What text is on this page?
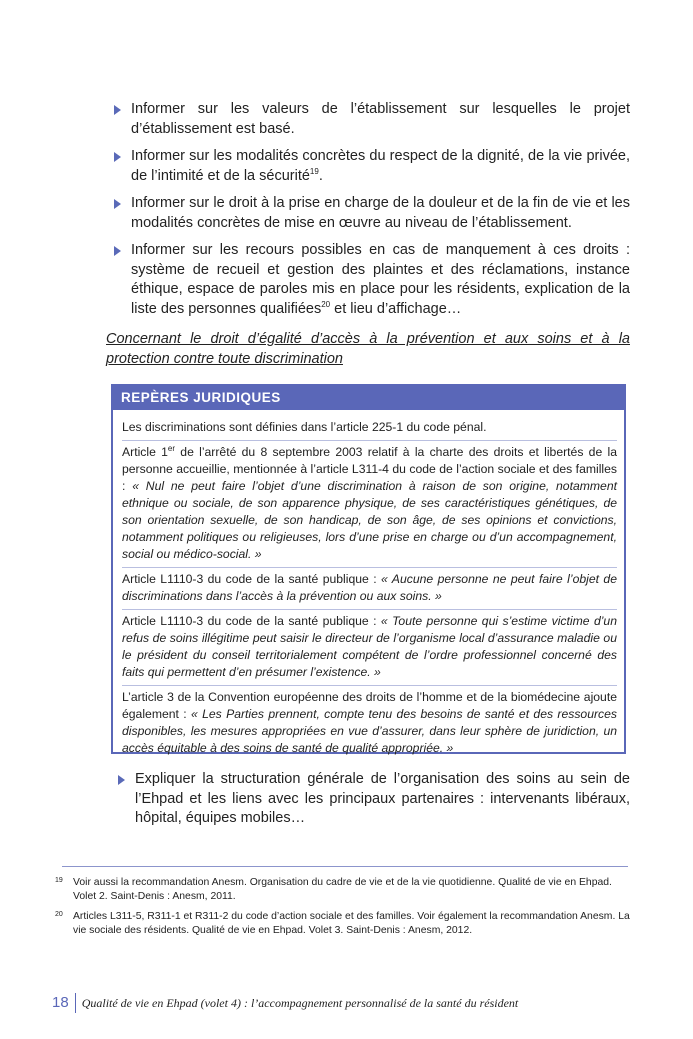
Informer sur les valeurs de l’établissement sur lesquelles le projet d’établissement est basé.
Informer sur les modalités concrètes du respect de la dignité, de la vie privée, de l’intimité et de la sécurité$^{19}$.
Informer sur le droit à la prise en charge de la douleur et de la fin de vie et les modalités concrètes de mise en œuvre au niveau de l’établissement.
Informer sur les recours possibles en cas de manquement à ces droits : système de recueil et gestion des plaintes et des réclamations, instance éthique, espace de paroles mis en place pour les résidents, explication de la liste des personnes qualifiées$^{20}$ et lieu d’affichage…
Concernant le droit d’égalité d’accès à la prévention et aux soins et à la protection contre toute discrimination
REPÈRES JURIDIQUES
Les discriminations sont définies dans l’article 225-1 du code pénal.
Article 1er de l’arrêté du 8 septembre 2003 relatif à la charte des droits et libertés de la personne accueillie, mentionnée à l’article L311-4 du code de l’action sociale et des familles : « Nul ne peut faire l’objet d’une discrimination à raison de son origine, notamment ethnique ou sociale, de son apparence physique, de ses caractéristiques génétiques, de son orientation sexuelle, de son handicap, de son âge, de ses opinions et convictions, notamment politiques ou religieuses, lors d’une prise en charge ou d’un accompagnement, social ou médico-social. »
Article L1110-3 du code de la santé publique : « Aucune personne ne peut faire l’objet de discriminations dans l’accès à la prévention ou aux soins. »
Article L1110-3 du code de la santé publique : « Toute personne qui s’estime victime d’un refus de soins illégitime peut saisir le directeur de l’organisme local d’assurance maladie ou le président du conseil territorialement compétent de l’ordre professionnel concerné des faits qui permettent d’en présumer l’existence. »
L’article 3 de la Convention européenne des droits de l’homme et de la biomédecine ajoute également : « Les Parties prennent, compte tenu des besoins de santé et des ressources disponibles, les mesures appropriées en vue d’assurer, dans leur sphère de juridiction, un accès équitable à des soins de santé de qualité appropriée. »
Expliquer la structuration générale de l’organisation des soins au sein de l’Ehpad et les liens avec les principaux partenaires : intervenants libéraux, hôpital, équipes mobiles…
19 Voir aussi la recommandation Anesm. Organisation du cadre de vie et de la vie quotidienne. Qualité de vie en Ehpad. Volet 2. Saint-Denis : Anesm, 2011.
20 Articles L311-5, R311-1 et R311-2 du code d’action sociale et des familles. Voir également la recommandation Anesm. La vie sociale des résidents. Qualité de vie en Ehpad. Volet 3. Saint-Denis : Anesm, 2012.
18	Qualité de vie en Ehpad (volet 4) : l’accompagnement personnalisé de la santé du résident
